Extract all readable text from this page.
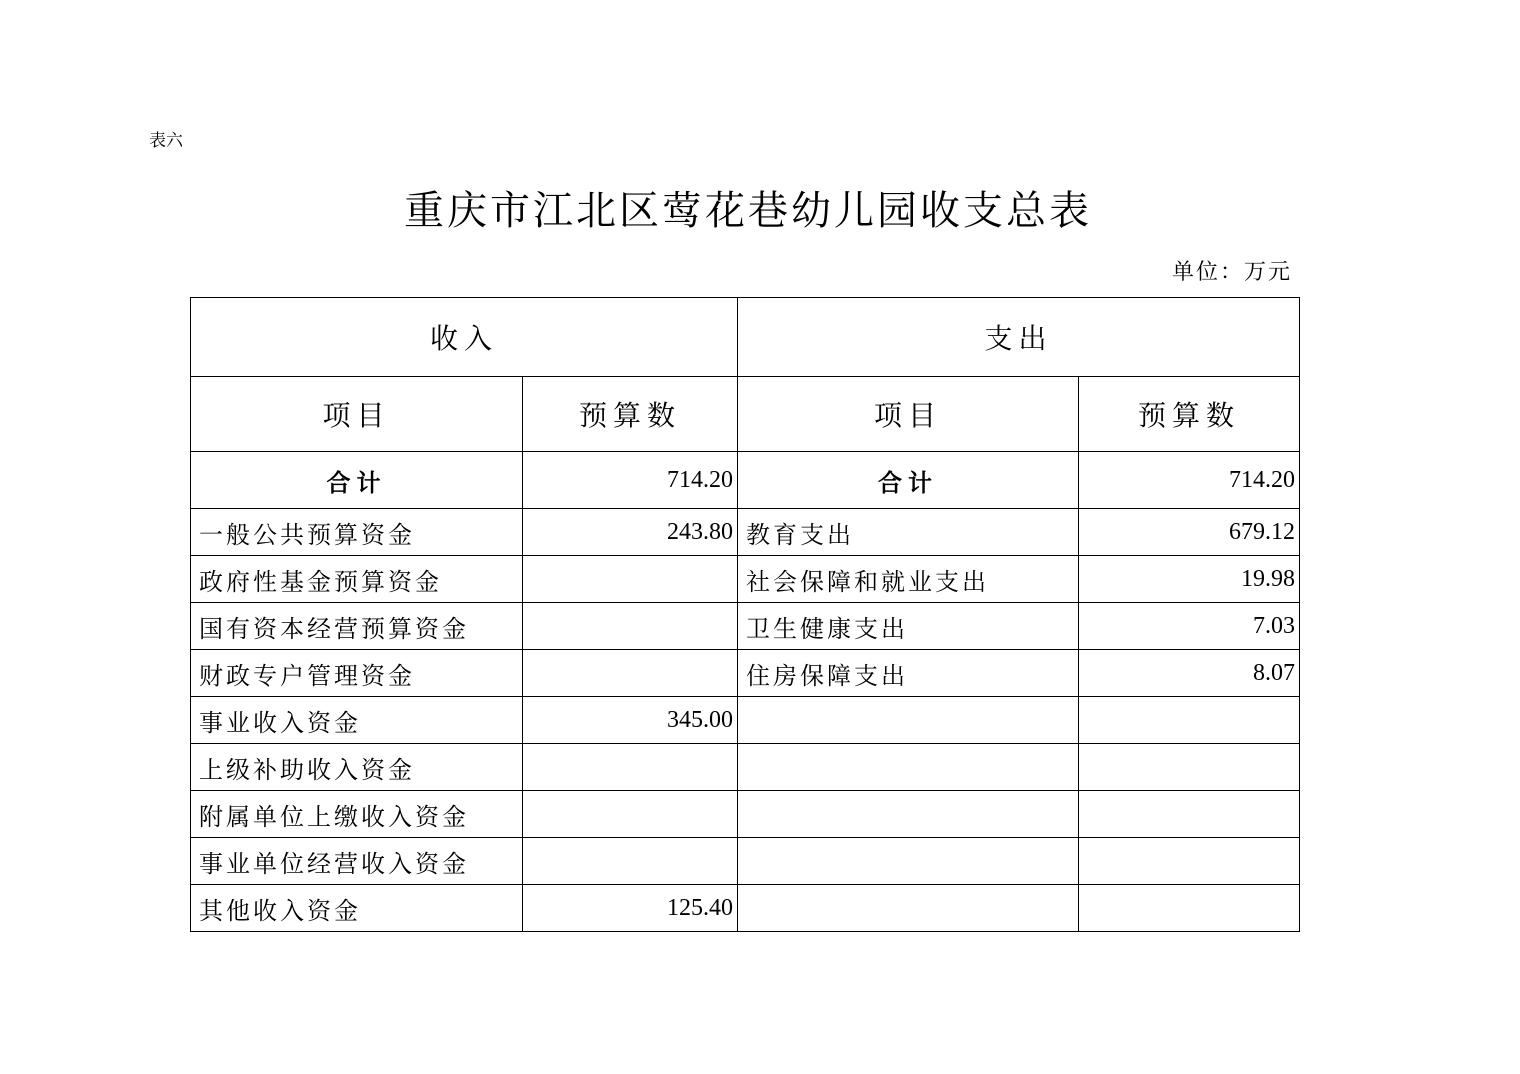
表六
重庆市江北区莺花巷幼儿园收支总表
单位：万元
收入		支出	
项目	预算数	项目	预算数
合计	714.20	合计	714.20
一般公共预算资金	243.80	教育支出	679.12
政府性基金预算资金		社会保障和就业支出	19.98
国有资本经营预算资金		卫生健康支出	7.03
财政专户管理资金		住房保障支出	8.07
事业收入资金	345.00		
上级补助收入资金			
附属单位上缴收入资金			
事业单位经营收入资金			
其他收入资金	125.40		
